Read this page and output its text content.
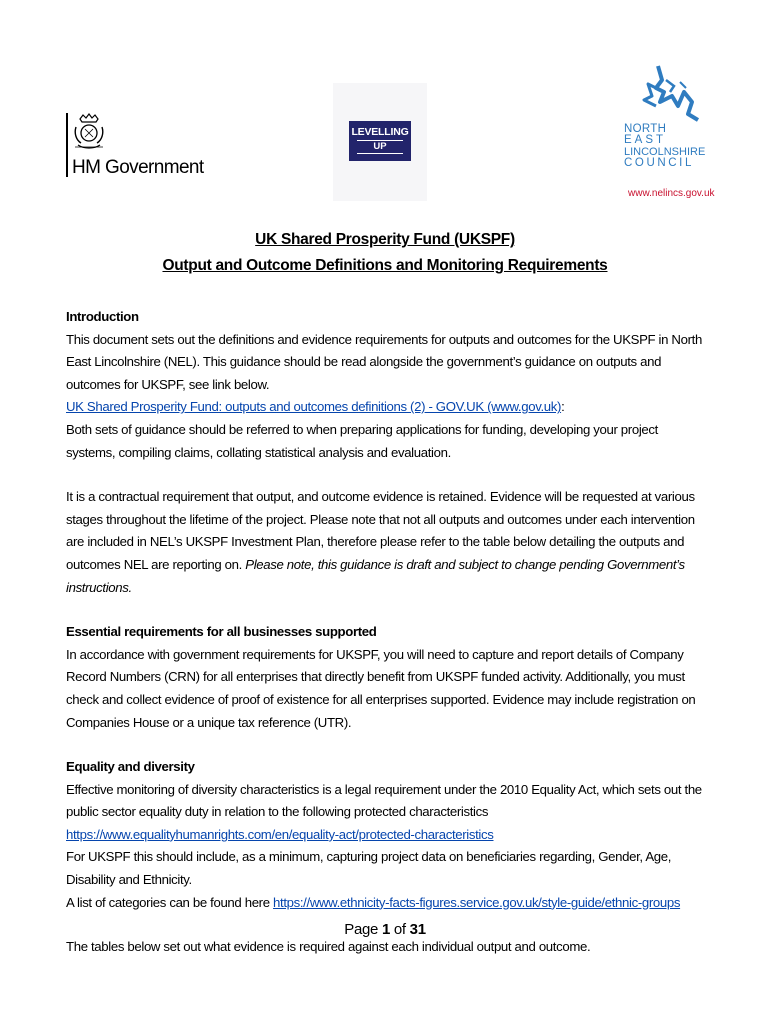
HM Government
LEVELLING
UP
NORTH
EAST
LINCOLNSHIRE
COUNCIL
www.nelincs.gov.uk
UK Shared Prosperity Fund (UKSPF)
Output and Outcome Definitions and Monitoring Requirements

Introduction

This document sets out the definitions and evidence requirements for outputs and outcomes for the UKSPF in North East Lincolnshire (NEL). This guidance should be read alongside the government’s guidance on outputs and outcomes for UKSPF, see link below.

UK Shared Prosperity Fund: outputs and outcomes definitions (2) - GOV.UK (www.gov.uk):

Both sets of guidance should be referred to when preparing applications for funding, developing your project systems, compiling claims, collating statistical analysis and evaluation.

It is a contractual requirement that output, and outcome evidence is retained. Evidence will be requested at various stages throughout the lifetime of the project. Please note that not all outputs and outcomes under each intervention are included in NEL’s UKSPF Investment Plan, therefore please refer to the table below detailing the outputs and outcomes NEL are reporting on. Please note, this guidance is draft and subject to change pending Government’s instructions.

Essential requirements for all businesses supported

In accordance with government requirements for UKSPF, you will need to capture and report details of Company Record Numbers (CRN) for all enterprises that directly benefit from UKSPF funded activity. Additionally, you must check and collect evidence of proof of existence for all enterprises supported. Evidence may include registration on Companies House or a unique tax reference (UTR).

Equality and diversity

Effective monitoring of diversity characteristics is a legal requirement under the 2010 Equality Act, which sets out the public sector equality duty in relation to the following protected characteristics https://www.equalityhumanrights.com/en/equality-act/protected-characteristics

For UKSPF this should include, as a minimum, capturing project data on beneficiaries regarding, Gender, Age, Disability and Ethnicity.

A list of categories can be found here https://www.ethnicity-facts-figures.service.gov.uk/style-guide/ethnic-groups

The tables below set out what evidence is required against each individual output and outcome.

Page 1 of 31
